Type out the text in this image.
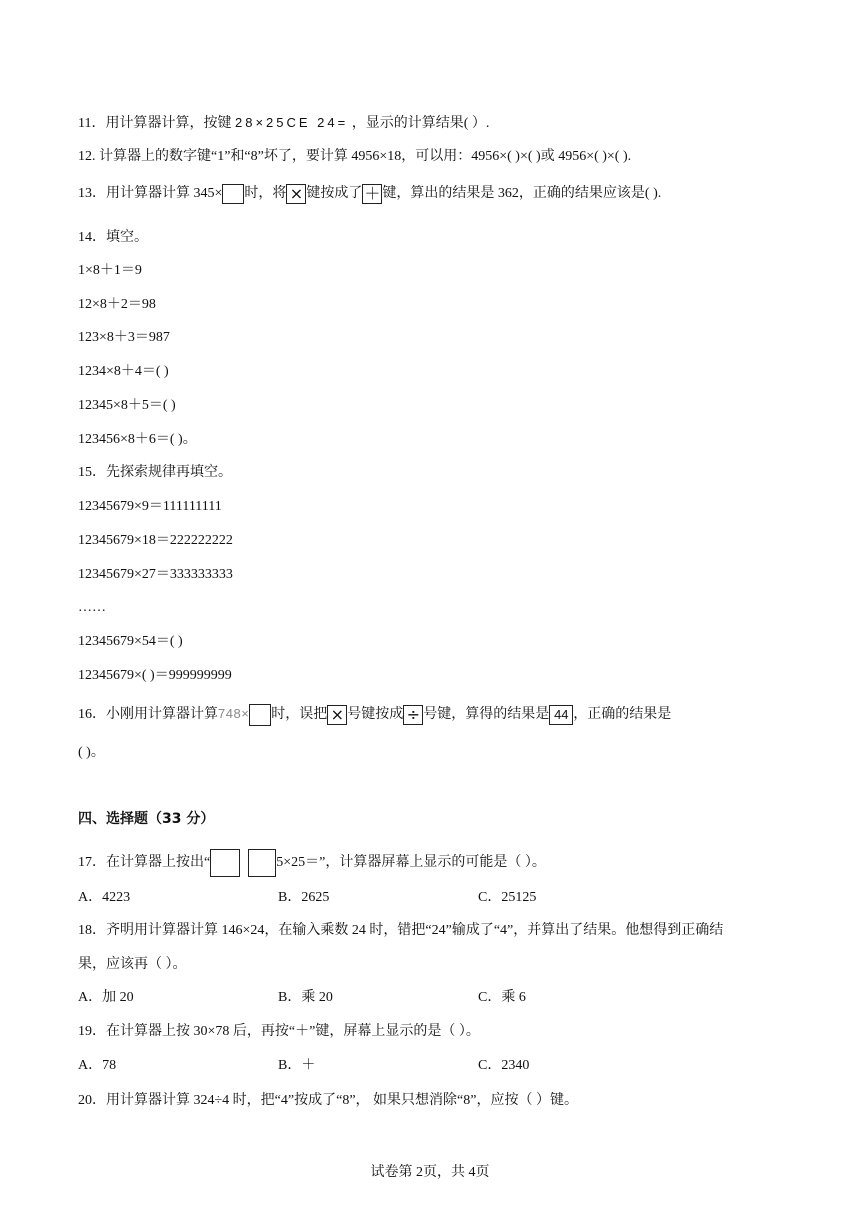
11．用计算器计算，按键 28×25CE 24= ，显示的计算结果( ）.
12. 计算器上的数字键“1”和“8”坏了，要计算 4956×18，可以用：4956×( )×( )或 4956×( )×( ).
13．用计算器计算 345× 时，将 × 键按成了 ＋ 键，算出的结果是 362，正确的结果应该是( ).
14．填空。
1×8＋1＝9
12×8＋2＝98
123×8＋3＝987
1234×8＋4＝( )
12345×8＋5＝( )
123456×8＋6＝( )。
15．先探索规律再填空。
12345679×9＝111111111
12345679×18＝222222222
12345679×27＝333333333
……
12345679×54＝( )
12345679×( )＝999999999
16．小刚用计算器计算748× 时，误把 × 号键按成 ÷ 号键，算得的结果是 44 ，正确的结果是
( )。
四、选择题（33 分）
17．在计算器上按出“	5×25＝”，计算器屏幕上显示的可能是（ ）。
A．4223	B．2625	C．25125
18．齐明用计算器计算 146×24，在输入乘数 24 时，错把“24”输成了“4”，并算出了结果。他想得到正确结
果，应该再（ ）。
A．加 20	B．乘 20	C．乘 6
19．在计算器上按 30×78 后，再按“＋”键，屏幕上显示的是（ ）。
A．78	B．＋	C．2340
20．用计算器计算 324÷4 时，把“4”按成了“8”， 如果只想消除“8”，应按（ ）键。
试卷第 2页，共 4页
